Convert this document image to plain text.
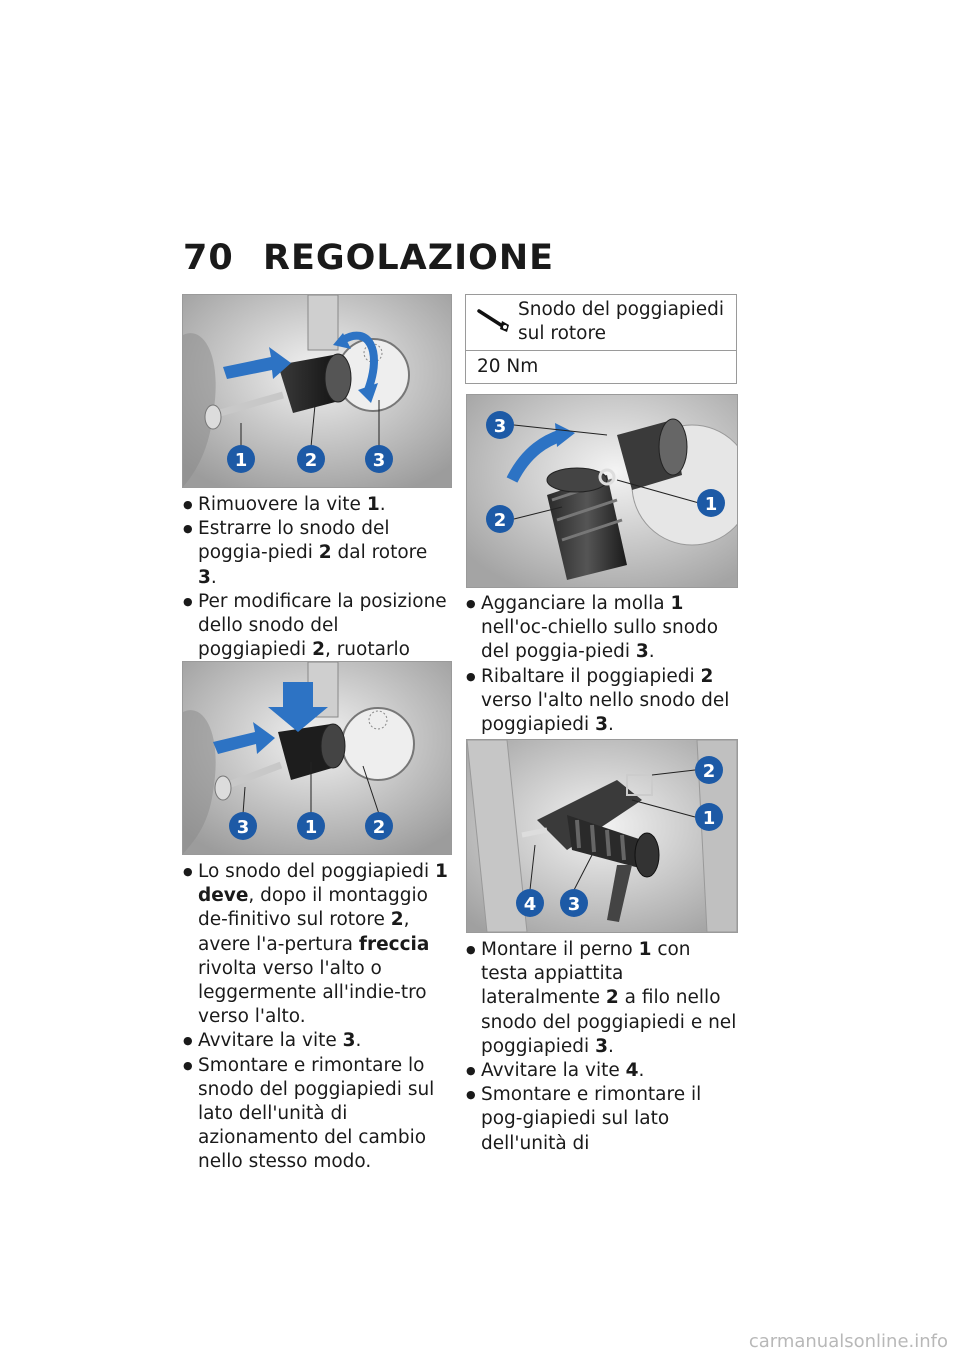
70 REGOLAZIONE
1	2	3
● Rimuovere la vite 1.
● Estrarre lo snodo del poggia-piedi 2 dal rotore 3.
● Per modificare la posizione dello snodo del poggiapiedi 2, ruotarlo
3	1	2
● Lo snodo del poggiapiedi 1 deve, dopo il montaggio de-finitivo sul rotore 2, avere l'a-pertura freccia rivolta verso l'alto o leggermente all'indie-tro verso l'alto.
● Avvitare la vite 3.
● Smontare e rimontare lo snodo del poggiapiedi sul lato dell'unità di azionamento del cambio nello stesso modo.
Snodo del poggiapiedi sul rotore
20 Nm
3
2
1
● Agganciare la molla 1 nell'oc-chiello sullo snodo del poggia-piedi 3.
● Ribaltare il poggiapiedi 2 verso l'alto nello snodo del poggiapiedi 3.
2
1
4 3
● Montare il perno 1 con testa appiattita lateralmente 2 a filo nello snodo del poggiapiedi e nel poggiapiedi 3.
● Avvitare la vite 4.
● Smontare e rimontare il pog-giapiedi sul lato dell'unità di
carmanualsonline.info
